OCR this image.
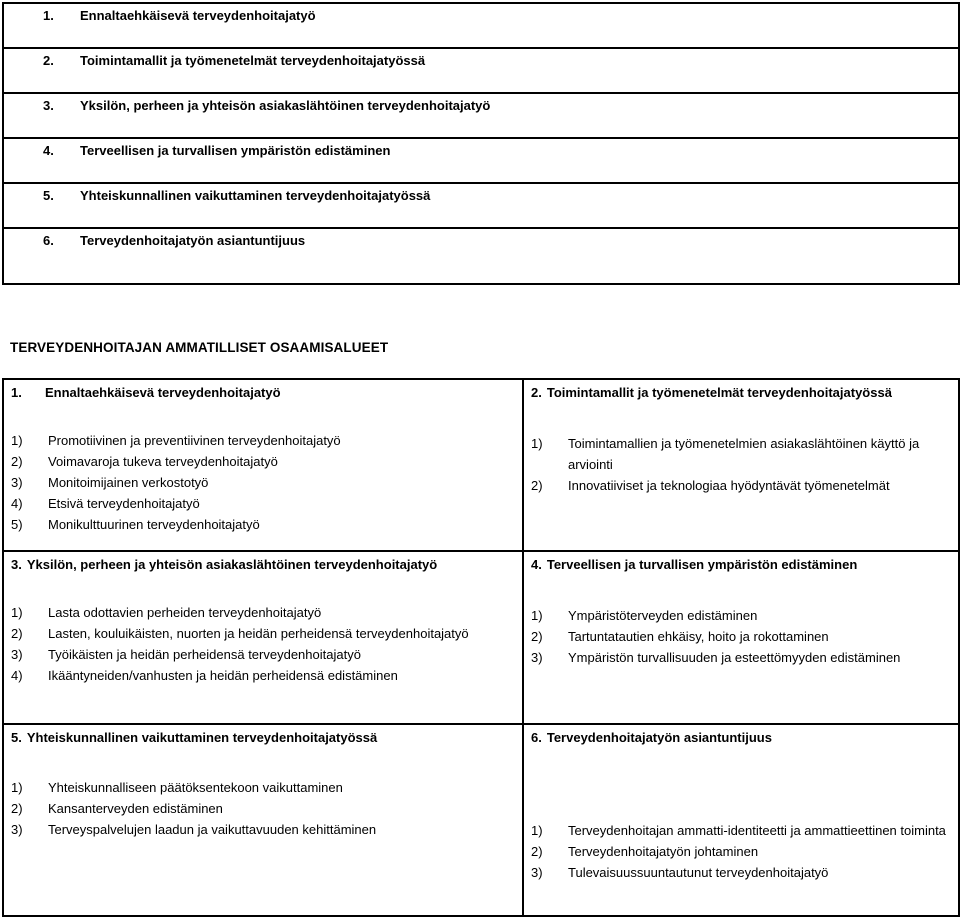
1.	Ennaltaehkäisevä terveydenhoitajatyö
2.	Toimintamallit ja työmenetelmät terveydenhoitajatyössä
3.	Yksilön, perheen ja yhteisön asiakaslähtöinen terveydenhoitajatyö
4.	Terveellisen ja turvallisen ympäristön edistäminen
5.	Yhteiskunnallinen vaikuttaminen terveydenhoitajatyössä
6.	Terveydenhoitajatyön asiantuntijuus
TERVEYDENHOITAJAN AMMATILLISET OSAAMISALUEET
1.	Ennaltaehkäisevä terveydenhoitajatyö
1)	Promotiivinen ja preventiivinen terveydenhoitajatyö
2)	Voimavaroja tukeva terveydenhoitajatyö
3)	Monitoimijainen verkostotyö
4)	Etsivä terveydenhoitajatyö
5)	Monikulttuurinen terveydenhoitajatyö
2. Toimintamallit ja työmenetelmät terveydenhoitajatyössä
1)	Toimintamallien ja työmenetelmien asiakaslähtöinen käyttö ja arviointi
2)	Innovatiiviset ja teknologiaa hyödyntävät työmenetelmät
3. Yksilön, perheen ja yhteisön asiakaslähtöinen terveydenhoitajatyö
1)	Lasta odottavien perheiden terveydenhoitajatyö
2)	Lasten, kouluikäisten, nuorten ja heidän perheidensä terveydenhoitajatyö
3)	Työikäisten ja heidän perheidensä terveydenhoitajatyö
4)	Ikääntyneiden/vanhusten ja heidän perheidensä edistäminen
4. Terveellisen ja turvallisen ympäristön edistäminen
1)	Ympäristöterveyden edistäminen
2)	Tartuntatautien ehkäisy, hoito ja rokottaminen
3)	Ympäristön turvallisuuden ja esteettömyyden edistäminen
5. Yhteiskunnallinen vaikuttaminen terveydenhoitajatyössä
1)	Yhteiskunnalliseen päätöksentekoon vaikuttaminen
2)	Kansanterveyden edistäminen
3)	Terveyspalvelujen laadun ja vaikuttavuuden kehittäminen
6. Terveydenhoitajatyön asiantuntijuus
1)	Terveydenhoitajan ammatti-identiteetti ja ammattieettinen toiminta
2)	Terveydenhoitajatyön johtaminen
3)	Tulevaisuussuuntautunut terveydenhoitajatyö
